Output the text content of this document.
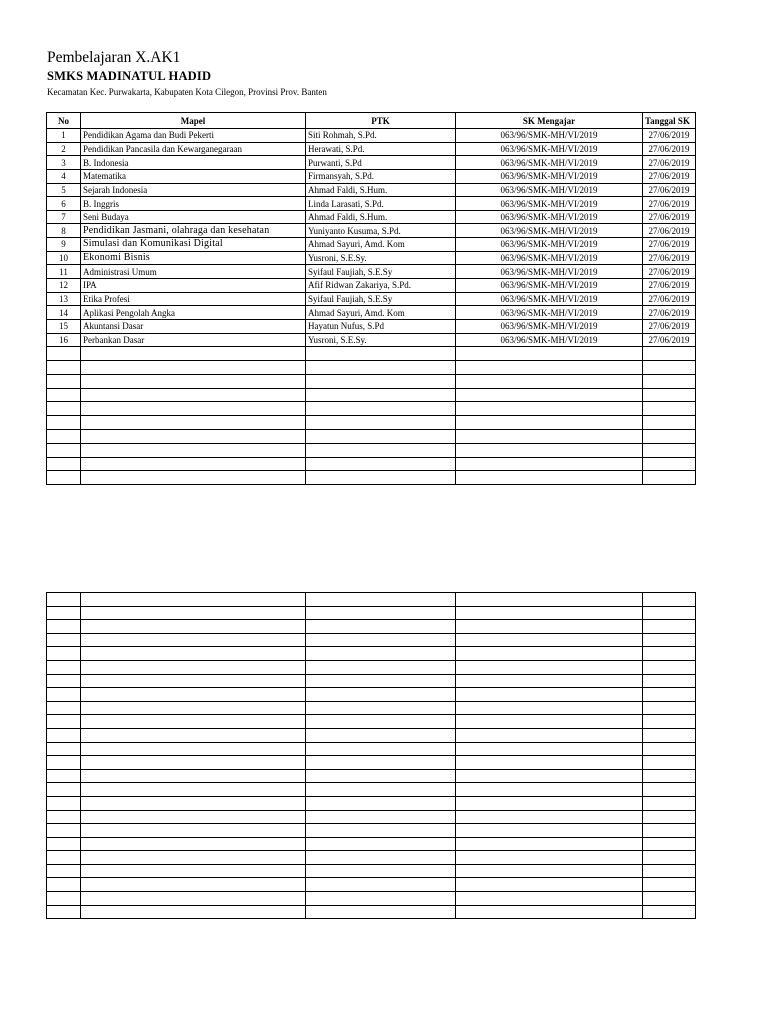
Pembelajaran X.AK1
SMKS MADINATUL HADID
Kecamatan Kec. Purwakarta, Kabupaten Kota Cilegon, Provinsi Prov. Banten
No	Mapel	PTK	SK Mengajar	Tanggal SK
1	Pendidikan Agama dan Budi Pekerti	Siti Rohmah, S.Pd.	063/96/SMK-MH/VI/2019	27/06/2019
2	Pendidikan Pancasila dan Kewarganegaraan	Herawati, S.Pd.	063/96/SMK-MH/VI/2019	27/06/2019
3	B. Indonesia	Purwanti, S.Pd	063/96/SMK-MH/VI/2019	27/06/2019
4	Matematika	Firmansyah, S.Pd.	063/96/SMK-MH/VI/2019	27/06/2019
5	Sejarah Indonesia	Ahmad Faldi, S.Hum.	063/96/SMK-MH/VI/2019	27/06/2019
6	B. Inggris	Linda Larasati, S.Pd.	063/96/SMK-MH/VI/2019	27/06/2019
7	Seni Budaya	Ahmad Faldi, S.Hum.	063/96/SMK-MH/VI/2019	27/06/2019
8	Pendidikan Jasmani, olahraga dan kesehatan	Yuniyanto Kusuma, S.Pd.	063/96/SMK-MH/VI/2019	27/06/2019
9	Simulasi dan Komunikasi Digital	Ahmad Sayuri, Amd. Kom	063/96/SMK-MH/VI/2019	27/06/2019
10	Ekonomi Bisnis	Yusroni, S.E.Sy.	063/96/SMK-MH/VI/2019	27/06/2019
11	Administrasi Umum	Syifaul Faujiah, S.E.Sy	063/96/SMK-MH/VI/2019	27/06/2019
12	IPA	Afif Ridwan Zakariya, S.Pd.	063/96/SMK-MH/VI/2019	27/06/2019
13	Etika Profesi	Syifaul Faujiah, S.E.Sy	063/96/SMK-MH/VI/2019	27/06/2019
14	Aplikasi Pengolah Angka	Ahmad Sayuri, Amd. Kom	063/96/SMK-MH/VI/2019	27/06/2019
15	Akuntansi Dasar	Hayatun Nufus, S.Pd	063/96/SMK-MH/VI/2019	27/06/2019
16	Perbankan Dasar	Yusroni, S.E.Sy.	063/96/SMK-MH/VI/2019	27/06/2019
